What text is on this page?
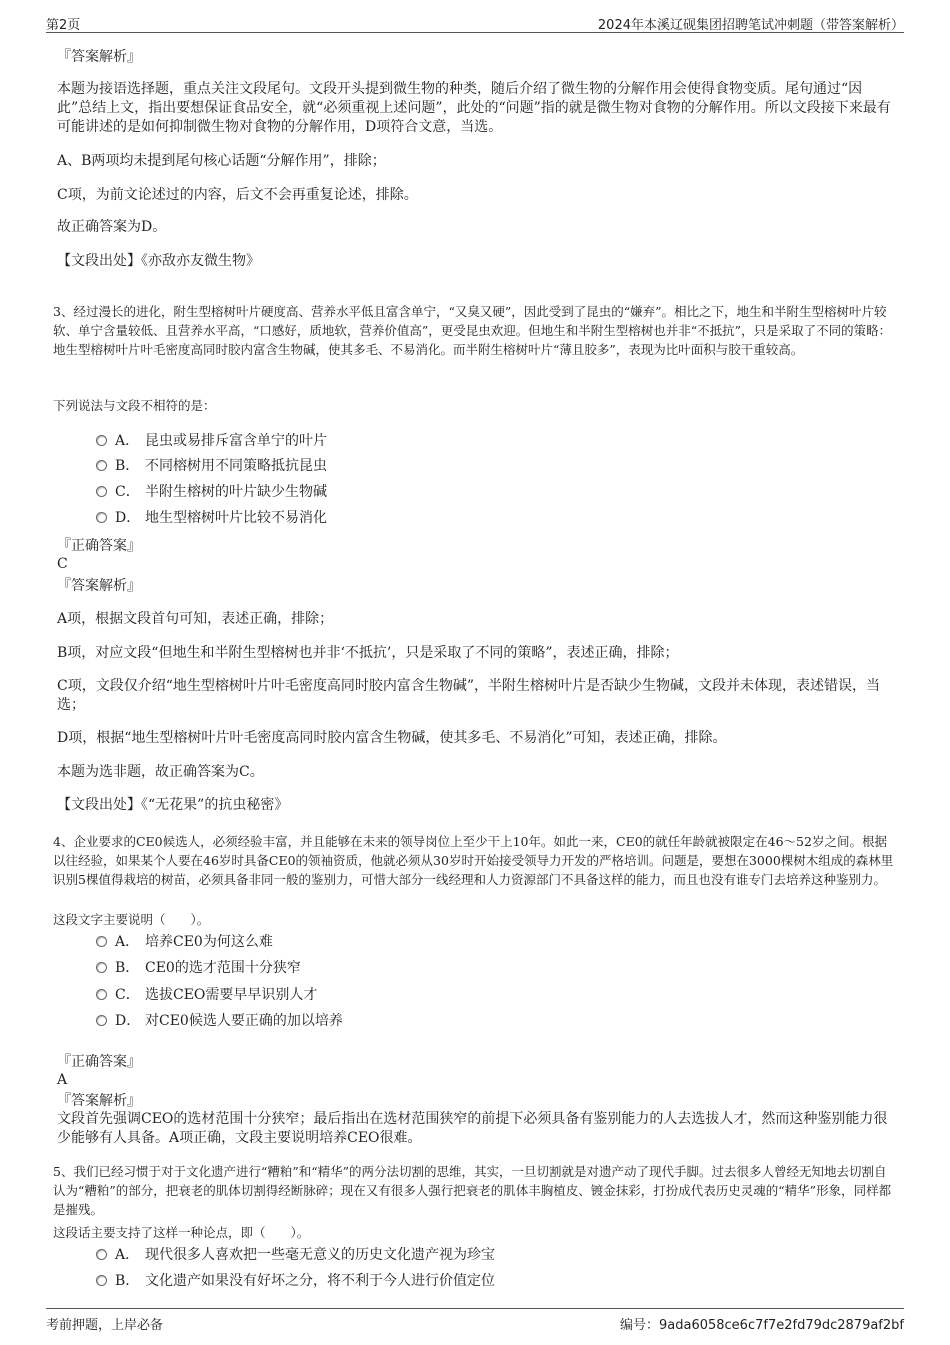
第2页	2024年本溪辽砚集团招聘笔试冲刺题（带答案解析）
『答案解析』
本题为接语选择题，重点关注文段尾句。文段开头提到微生物的种类，随后介绍了微生物的分解作用会使得食物变质。尾句通过“因此”总结上文，指出要想保证食品安全，就“必须重视上述问题”，此处的“问题”指的就是微生物对食物的分解作用。所以文段接下来最有可能讲述的是如何抑制微生物对食物的分解作用，D项符合文意，当选。
A、B两项均未提到尾句核心话题“分解作用”，排除；
C项，为前文论述过的内容，后文不会再重复论述，排除。
故正确答案为D。
【文段出处】《亦敌亦友微生物》
3、经过漫长的进化，附生型榕树叶片硬度高、营养水平低且富含单宁，“又臭又硬”，因此受到了昆虫的“嫌弃”。相比之下，地生和半附生型榕树叶片较软、单宁含量较低、且营养水平高，“口感好，质地软，营养价值高”，更受昆虫欢迎。但地生和半附生型榕树也并非“不抵抗”，只是采取了不同的策略：地生型榕树叶片叶毛密度高同时胶内富含生物碱，使其多毛、不易消化。而半附生榕树叶片“薄且胶多”，表现为比叶面积与胶干重较高。
下列说法与文段不相符的是：
A． 昆虫或易排斥富含单宁的叶片
B． 不同榕树用不同策略抵抗昆虫
C． 半附生榕树的叶片缺少生物碱
D． 地生型榕树叶片比较不易消化
『正确答案』
C
『答案解析』
A项，根据文段首句可知，表述正确，排除；
B项，对应文段“但地生和半附生型榕树也并非‘不抵抗’，只是采取了不同的策略”，表述正确，排除；
C项，文段仅介绍“地生型榕树叶片叶毛密度高同时胶内富含生物碱”，半附生榕树叶片是否缺少生物碱，文段并未体现，表述错误，当选；
D项，根据“地生型榕树叶片叶毛密度高同时胶内富含生物碱，使其多毛、不易消化”可知，表述正确，排除。
本题为选非题，故正确答案为C。
【文段出处】《“无花果”的抗虫秘密》
4、企业要求的CE0候选人，必须经验丰富，并且能够在未来的领导岗位上至少干上10年。如此一来，CE0的就任年龄就被限定在46～52岁之间。根据以往经验，如果某个人要在46岁时具备CE0的领袖资质，他就必须从30岁时开始接受领导力开发的严格培训。问题是，要想在3000棵树木组成的森林里识别5棵值得栽培的树苗，必须具备非同一般的鉴别力，可惜大部分一线经理和人力资源部门不具备这样的能力，而且也没有谁专门去培养这种鉴别力。
这段文字主要说明（　　）。
A． 培养CE0为何这么难
B． CE0的选才范围十分狭窄
C． 选拔CEO需要早早识别人才
D． 对CE0候选人要正确的加以培养
『正确答案』
A
『答案解析』
文段首先强调CEO的选材范围十分狭窄；最后指出在选材范围狭窄的前提下必须具备有鉴别能力的人去选拔人才，然而这种鉴别能力很少能够有人具备。A项正确，文段主要说明培养CEO很难。
5、我们已经习惯于对于文化遗产进行“糟粕”和“精华”的两分法切割的思维，其实，一旦切割就是对遗产动了现代手脚。过去很多人曾经无知地去切割自认为“糟粕”的部分，把衰老的肌体切割得经断脉碎；现在又有很多人强行把衰老的肌体丰胸植皮、镀金抹彩，打扮成代表历史灵魂的“精华”形象，同样都是摧残。
这段话主要支持了这样一种论点，即（　　）。
A． 现代很多人喜欢把一些毫无意义的历史文化遗产视为珍宝
B． 文化遗产如果没有好坏之分，将不利于今人进行价值定位
考前押题，上岸必备	编号：9ada6058ce6c7f7e2fd79dc2879af2bf
